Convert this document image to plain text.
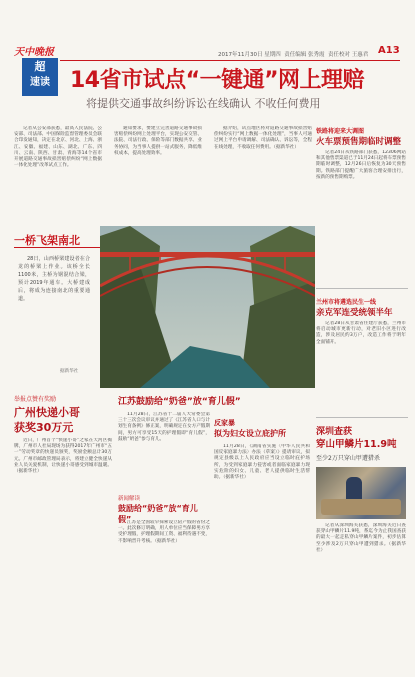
天中晚报	2017年11月30日 星期四 责任编辑 张秀霞 责任校对 王惠君 A13
超
速读 14省市试点“一键通”网上理赔
将提供交通事故纠纷诉讼在线确认 不收任何费用

记者从公安部获悉，最高人民法院、公安部、司法部、中国保险监督管理委员会联合印发通知，决定在北京、河北、上海、浙江、安徽、福建、山东、湖北、广东、四川、云南、陕西、甘肃、青海等14个省市开展道路交通事故损害赔偿纠纷“网上数据一体化处理”改革试点工作。

通知要求，要建立完善道路交通事故损害赔偿纠纷网上处理平台，实现公安交管、法院、司法行政、保险等部门数据共享、业务协同，为当事人提供一站式服务，降低维权成本，提高处理效率。

据介绍，试点地区将对道路交通事故损害赔偿纠纷实行“网上数据一体化处理”，当事人可通过网上平台申请调解、司法确认、诉讼等，全程在线处理，不收取任何费用。（据新华社）

一桥飞架南北

28日，山西桥梁建设者在合龙的桥梁上作业。该桥全长1100米，主桥为钢混结合梁，预计2019年通车。大桥建成后，将成为连接南北的重要通道。

据新华社
铁路将迎来大调图
火车票预售期临时调整

记者24日从铁路部门获悉，12306网站和其他售票渠道已于11月24日起将车票预售期临时调整，12月26日后恢复为30天预售期。铁路部门提醒广大旅客合理安排出行，按新的预售期购票。

兰州市将遴选民生一线
亲克军连受统领半年

记者28日从甘肃省住建厅获悉，兰州市将启动城市更新行动，对老旧小区进行改造，涉及居民约3万户，改造工作将于明年全面铺开。

深圳查获
穿山甲鳞片11.9吨
至少2万只穿山甲遭猎杀

记者从深圳海关获悉，深圳海关近日查获穿山甲鳞片11.9吨，系迄今为止我国查获的最大一起走私穿山甲鳞片案件，初步估算至少涉及2万只穿山甲遭到猎杀。（据新华社）

举报点赞有奖励
广州快递小哥
获奖30万元

近日，广州首个“快递小哥”之家在天河区揭牌，广州市人社局现场为获得2017年广州市“五一”劳动奖章的快递员颁奖，奖励金额总计30万元。广州市邮政管理局表示，将建立健全快递从业人员关爱机制，让快递小哥感受到城市温暖。（据新华社）

江苏鼓励给“奶爸”放“育儿假”

11月28日，江苏省十二届人大常委会第三十三次会议审议并通过了《江苏省人口与计划生育条例》修正案，明确规定在女方产假期间，男方可享受15天的护理假即“育儿假”，鼓励“奶爸”参与育儿。

新闻解读
鼓励给“奶爸”放“育儿假”

江苏是全国较早探索设立陪产假的省份之一。此次修订明确，用人单位应当保障男方享受护理假，护理假期间工资、福利待遇不变，不影响晋升考核。（据新华社）

反家暴
拟为妇女设立庇护所

11月28日，《湖南省实施〈中华人民共和国反家庭暴力法〉办法（草案）》提请审议，拟规定县级以上人民政府应当设立临时庇护场所，为受到家庭暴力侵害或者面临家庭暴力现实危险的妇女、儿童、老人提供临时生活帮助。（据新华社）
